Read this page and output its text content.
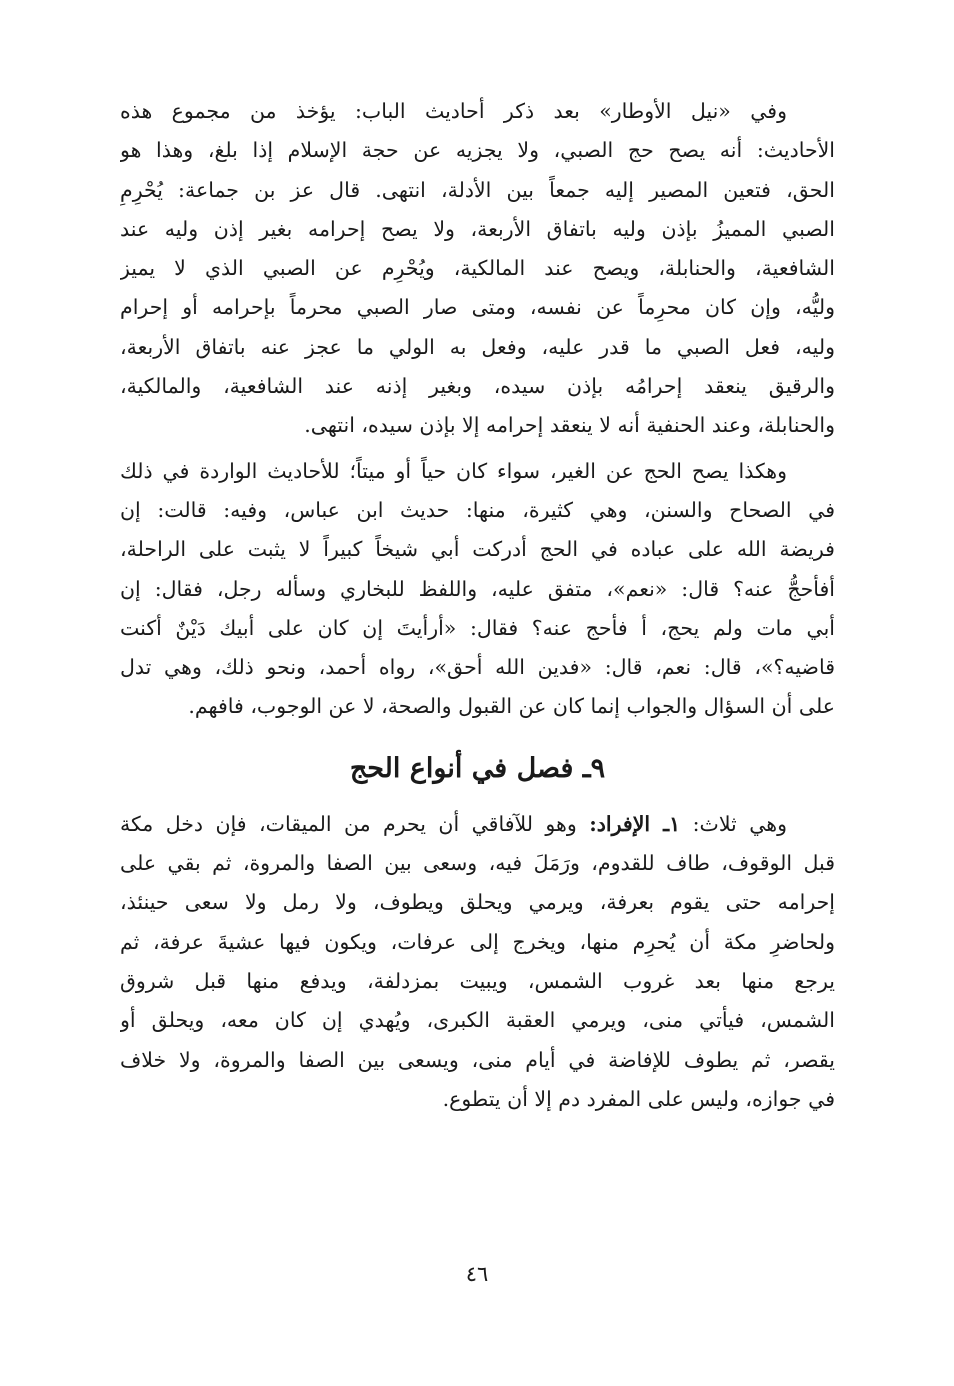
وفي «نيل الأوطار» بعد ذكر أحاديث الباب: يؤخذ من مجموع هذه
الأحاديث: أنه يصح حج الصبي، ولا يجزيه عن حجة الإسلام إذا بلغ، وهذا هو
الحق، فتعين المصير إليه جمعاً بين الأدلة، انتهى. قال عز بن جماعة: يُحْرِمِ
الصبي المميزُ بإذن وليه باتفاق الأربعة، ولا يصح إحرامه بغير إذن وليه عند
الشافعية، والحنابلة، ويصح عند المالكية، ويُحْرِم عن الصبي الذي لا يميز
وليُّه، وإن كان محرِماً عن نفسه، ومتى صار الصبي محرماً بإحرامه أو إحرام
وليه، فعل الصبي ما قدر عليه، وفعل به الولي ما عجز عنه باتفاق الأربعة،
والرقيق ينعقد إحرامُه بإذن سيده، وبغير إذنه عند الشافعية، والمالكية،
والحنابلة، وعند الحنفية أنه لا ينعقد إحرامه إلا بإذن سيده، انتهى.
وهكذا يصح الحج عن الغير، سواء كان حياً أو ميتاً؛ للأحاديث الواردة في ذلك
في الصحاح والسنن، وهي كثيرة، منها: حديث ابن عباس، وفيه: قالت: إن
فريضة الله على عباده في الحج أدركت أبي شيخاً كبيراً لا يثبت على الراحلة،
أفأحجُّ عنه؟ قال: «نعم»، متفق عليه، واللفظ للبخاري وسأله رجل، فقال: إن
أبي مات ولم يحج، أ فأحج عنه؟ فقال: «أرأيتَ إن كان على أبيك دَيْنٌ أكنت
قاضيه؟»، قال: نعم، قال: «فدين الله أحق»، رواه أحمد، ونحو ذلك، وهي تدل
على أن السؤال والجواب إنما كان عن القبول والصحة، لا عن الوجوب، فافهم.
٩ـ فصل في أنواع الحج
وهي ثلاث: ١ـ الإفراد: وهو للآفاقي أن يحرم من الميقات، فإن دخل مكة
قبل الوقوف، طاف للقدوم، ورَمَلَ فيه، وسعى بين الصفا والمروة، ثم بقي على
إحرامه حتى يقوم بعرفة، ويرمي ويحلق ويطوف، ولا رمل ولا سعى حينئذ،
ولحاضرِ مكة أن يُحرِم منها، ويخرج إلى عرفات، ويكون فيها عشيةَ عرفة، ثم
يرجع منها بعد غروب الشمس، ويبيت بمزدلفة، ويدفع منها قبل شروق
الشمس، فيأتي منى، ويرمي العقبة الكبرى، ويُهدي إن كان معه، ويحلق أو
يقصر، ثم يطوف للإفاضة في أيام منى، ويسعى بين الصفا والمروة، ولا خلاف
في جوازه، وليس على المفرد دم إلا أن يتطوع.
٤٦
